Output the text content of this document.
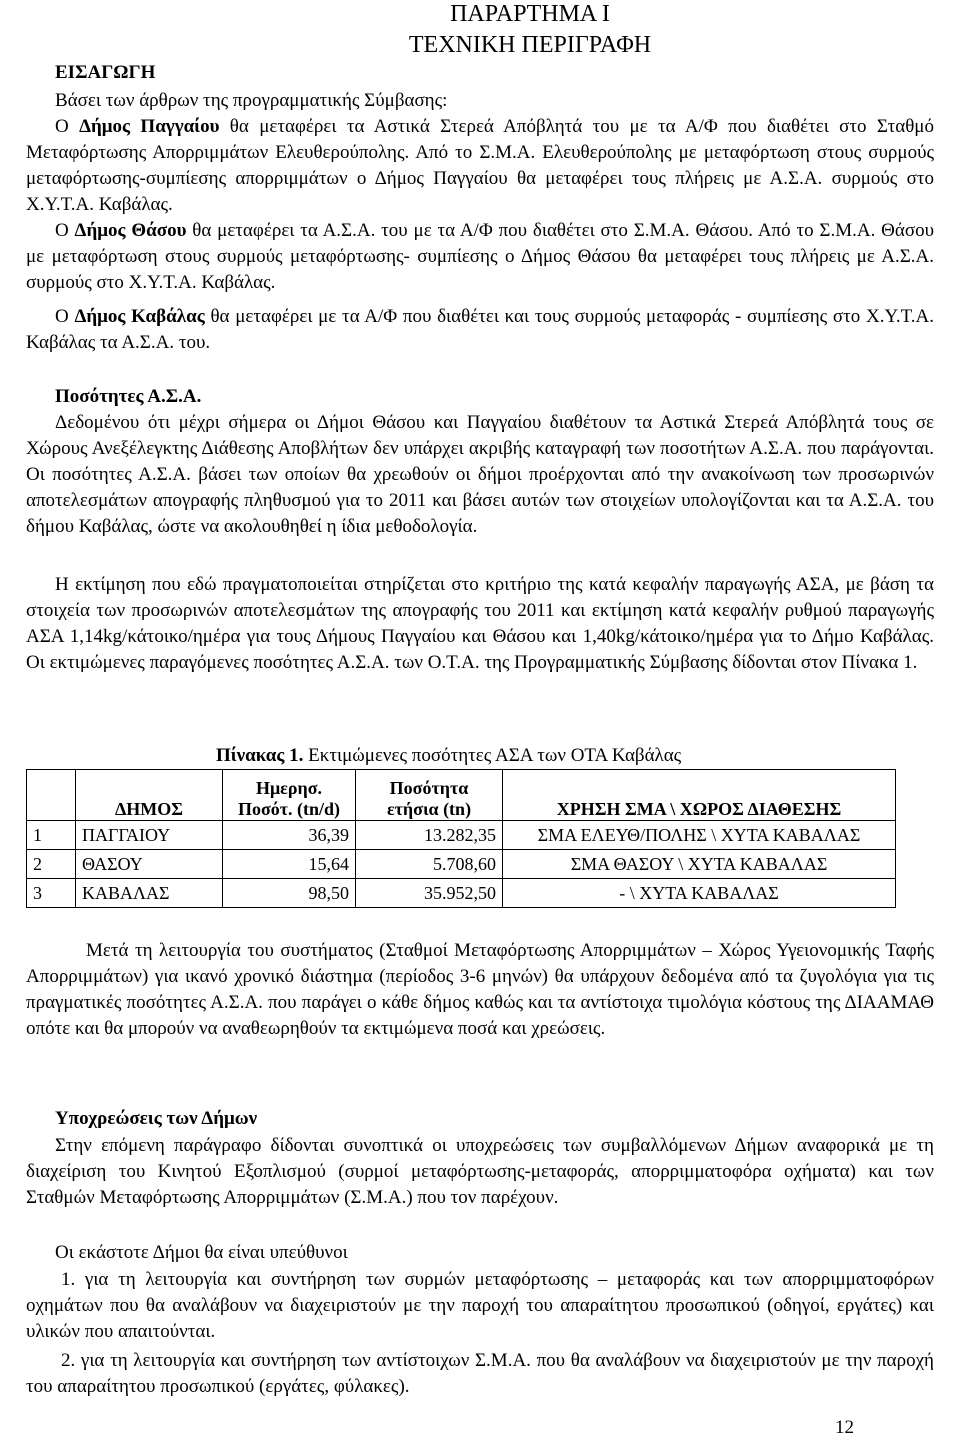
ΠΑΡΑΡΤΗΜΑ Ι
ΤΕΧΝΙΚΗ ΠΕΡΙΓΡΑΦΗ

ΕΙΣΑΓΩΓΗ

Βάσει των άρθρων της προγραμματικής Σύμβασης:

Ο Δήμος Παγγαίου θα μεταφέρει τα Αστικά Στερεά Απόβλητά του με τα Α/Φ που διαθέτει στο Σταθμό Μεταφόρτωσης Απορριμμάτων Ελευθερούπολης. Από το Σ.Μ.Α. Ελευθερούπολης με μεταφόρτωση στους συρμούς μεταφόρτωσης-συμπίεσης απορριμμάτων ο Δήμος Παγγαίου θα μεταφέρει τους πλήρεις με Α.Σ.Α. συρμούς στο Χ.Υ.Τ.Α. Καβάλας.

Ο Δήμος Θάσου θα μεταφέρει τα Α.Σ.Α. του με τα Α/Φ που διαθέτει στο Σ.Μ.Α. Θάσου. Από το Σ.Μ.Α. Θάσου με μεταφόρτωση στους συρμούς μεταφόρτωσης- συμπίεσης ο Δήμος Θάσου θα μεταφέρει τους πλήρεις με Α.Σ.Α. συρμούς στο Χ.Υ.Τ.Α. Καβάλας.

Ο Δήμος Καβάλας θα μεταφέρει με τα Α/Φ που διαθέτει και τους συρμούς μεταφοράς - συμπίεσης στο Χ.Υ.Τ.Α. Καβάλας τα Α.Σ.Α. του.

Ποσότητες Α.Σ.Α.

Δεδομένου ότι μέχρι σήμερα οι Δήμοι Θάσου και Παγγαίου διαθέτουν τα Αστικά Στερεά Απόβλητά τους σε Χώρους Ανεξέλεγκτης Διάθεσης Αποβλήτων δεν υπάρχει ακριβής καταγραφή των ποσοτήτων Α.Σ.Α. που παράγονται. Οι ποσότητες Α.Σ.Α. βάσει των οποίων θα χρεωθούν οι δήμοι προέρχονται από την ανακοίνωση των προσωρινών αποτελεσμάτων απογραφής πληθυσμού για το 2011 και βάσει αυτών των στοιχείων υπολογίζονται και τα Α.Σ.Α. του δήμου Καβάλας, ώστε να ακολουθηθεί η ίδια μεθοδολογία.

Η εκτίμηση που εδώ πραγματοποιείται στηρίζεται στο κριτήριο της κατά κεφαλήν παραγωγής ΑΣΑ, με βάση τα στοιχεία των προσωρινών αποτελεσμάτων της απογραφής του 2011 και εκτίμηση κατά κεφαλήν ρυθμού παραγωγής ΑΣΑ 1,14kg/κάτοικο/ημέρα για τους Δήμους Παγγαίου και Θάσου και 1,40kg/κάτοικο/ημέρα για το Δήμο Καβάλας. Οι εκτιμώμενες παραγόμενες ποσότητες Α.Σ.Α. των Ο.Τ.Α. της Προγραμματικής Σύμβασης δίδονται στον Πίνακα 1.

Πίνακας 1. Εκτιμώμενες ποσότητες ΑΣΑ των ΟΤΑ Καβάλας
	ΔΗΜΟΣ	Ημερησ. Ποσότ. (tn/d)	Ποσότητα ετήσια (tn)	ΧΡΗΣΗ ΣΜΑ \ ΧΩΡΟΣ ΔΙΑΘΕΣΗΣ
1	ΠΑΓΓΑΙΟΥ	36,39	13.282,35	ΣΜΑ ΕΛΕΥΘ/ΠΟΛΗΣ \ ΧΥΤΑ ΚΑΒΑΛΑΣ
2	ΘΑΣΟΥ	15,64	5.708,60	ΣΜΑ ΘΑΣΟΥ \ ΧΥΤΑ ΚΑΒΑΛΑΣ
3	ΚΑΒΑΛΑΣ	98,50	35.952,50	- \ ΧΥΤΑ ΚΑΒΑΛΑΣ

Μετά τη λειτουργία του συστήματος (Σταθμοί Μεταφόρτωσης Απορριμμάτων – Χώρος Υγειονομικής Ταφής Απορριμμάτων) για ικανό χρονικό διάστημα (περίοδος 3-6 μηνών) θα υπάρχουν δεδομένα από τα ζυγολόγια για τις πραγματικές ποσότητες Α.Σ.Α. που παράγει ο κάθε δήμος καθώς και τα αντίστοιχα τιμολόγια κόστους της ΔΙΑΑΜΑΘ οπότε και θα μπορούν να αναθεωρηθούν τα εκτιμώμενα ποσά και χρεώσεις.

Υποχρεώσεις των Δήμων

Στην επόμενη παράγραφο δίδονται συνοπτικά οι υποχρεώσεις των συμβαλλόμενων Δήμων αναφορικά με τη διαχείριση του Κινητού Εξοπλισμού (συρμοί μεταφόρτωσης-μεταφοράς, απορριμματοφόρα οχήματα) και των Σταθμών Μεταφόρτωσης Απορριμμάτων (Σ.Μ.Α.) που τον παρέχουν.

Οι εκάστοτε Δήμοι θα είναι υπεύθυνοι

1. για τη λειτουργία και συντήρηση των συρμών μεταφόρτωσης – μεταφοράς και των απορριμματοφόρων οχημάτων που θα αναλάβουν να διαχειριστούν με την παροχή του απαραίτητου προσωπικού (οδηγοί, εργάτες) και υλικών που απαιτούνται.

2. για τη λειτουργία και συντήρηση των αντίστοιχων Σ.Μ.Α. που θα αναλάβουν να διαχειριστούν με την παροχή του απαραίτητου προσωπικού (εργάτες, φύλακες).

12
